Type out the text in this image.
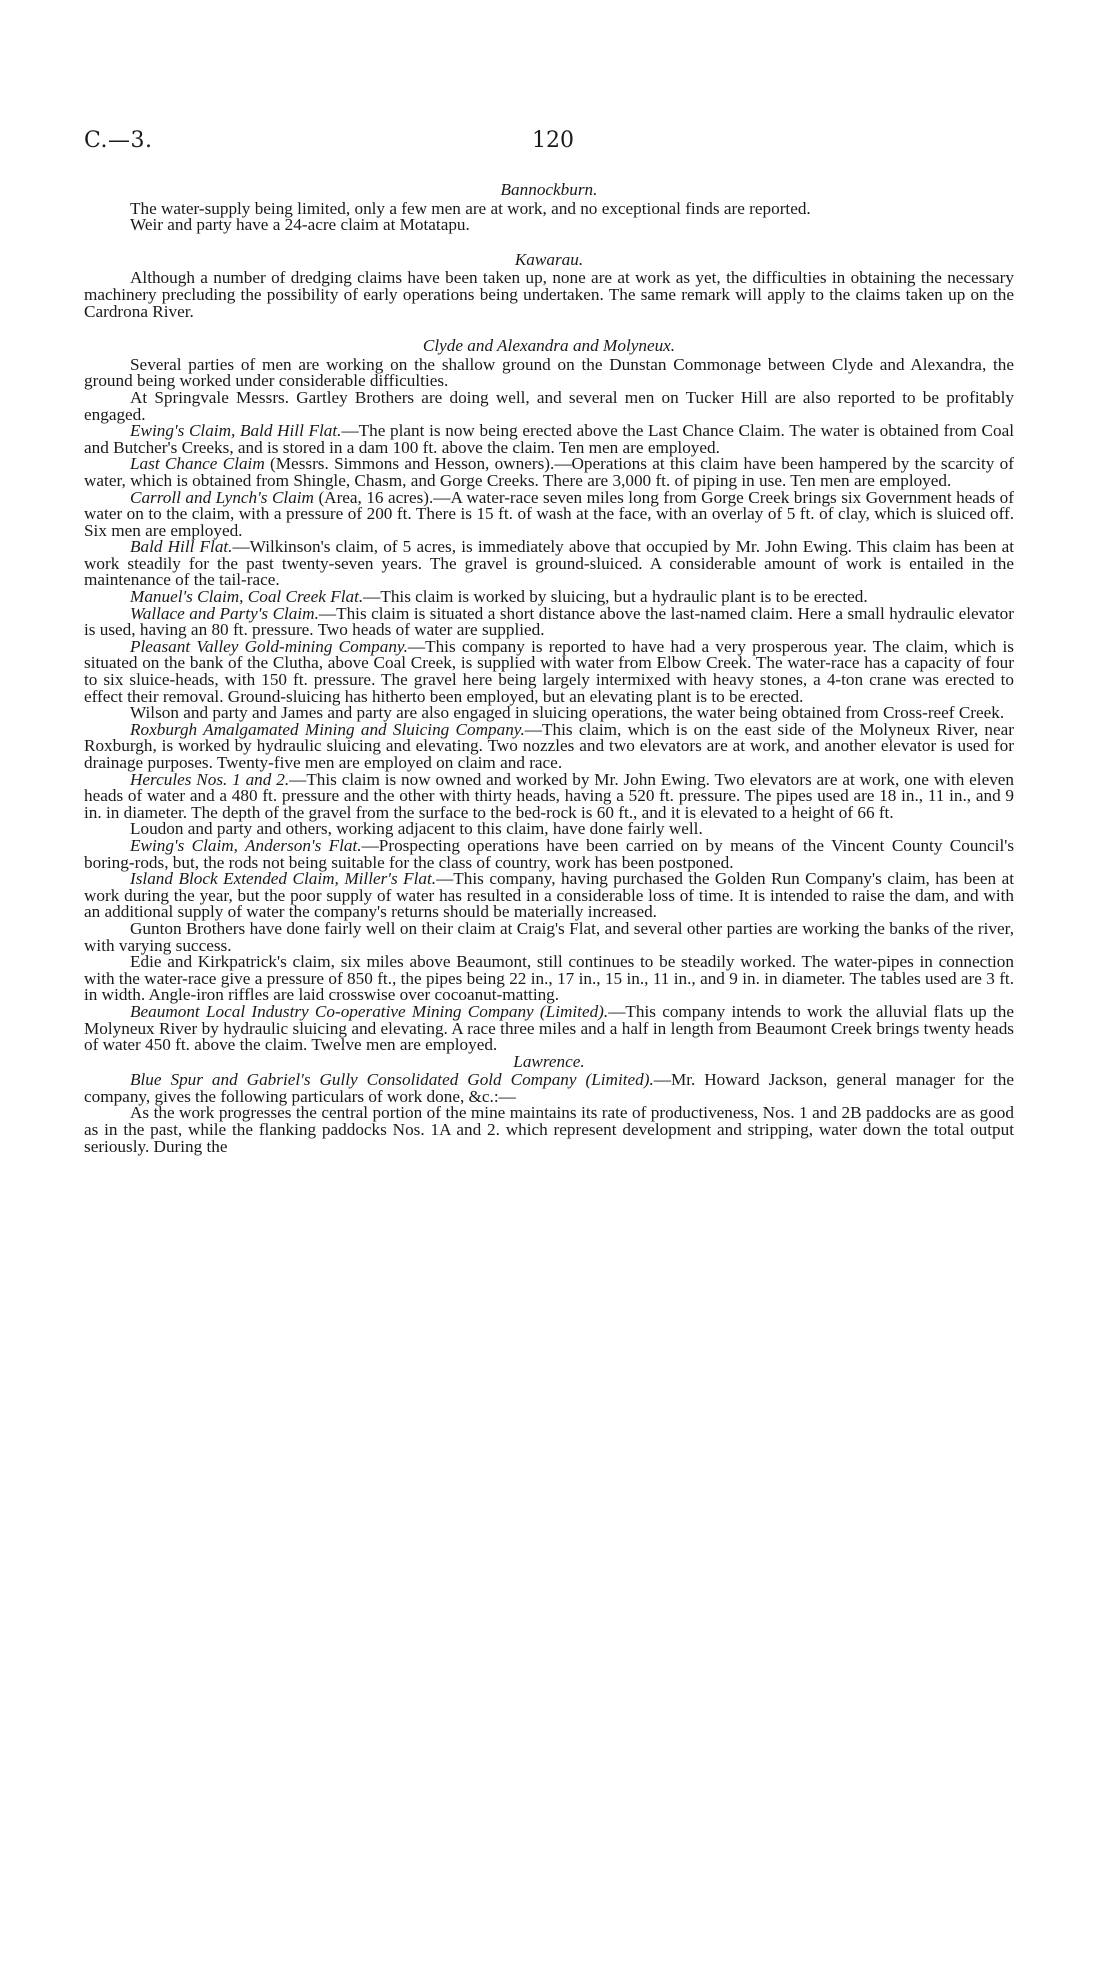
C.—3.	120
Bannockburn.

The water-supply being limited, only a few men are at work, and no exceptional finds are reported.

Weir and party have a 24-acre claim at Motatapu.

Kawarau.

Although a number of dredging claims have been taken up, none are at work as yet, the difficulties in obtaining the necessary machinery precluding the possibility of early operations being undertaken. The same remark will apply to the claims taken up on the Cardrona River.

Clyde and Alexandra and Molyneux.

Several parties of men are working on the shallow ground on the Dunstan Commonage between Clyde and Alexandra, the ground being worked under considerable difficulties.

At Springvale Messrs. Gartley Brothers are doing well, and several men on Tucker Hill are also reported to be profitably engaged.

Ewing's Claim, Bald Hill Flat.—The plant is now being erected above the Last Chance Claim. The water is obtained from Coal and Butcher's Creeks, and is stored in a dam 100 ft. above the claim. Ten men are employed.

Last Chance Claim (Messrs. Simmons and Hesson, owners).—Operations at this claim have been hampered by the scarcity of water, which is obtained from Shingle, Chasm, and Gorge Creeks. There are 3,000 ft. of piping in use. Ten men are employed.

Carroll and Lynch's Claim (Area, 16 acres).—A water-race seven miles long from Gorge Creek brings six Government heads of water on to the claim, with a pressure of 200 ft. There is 15 ft. of wash at the face, with an overlay of 5 ft. of clay, which is sluiced off. Six men are employed.

Bald Hill Flat.—Wilkinson's claim, of 5 acres, is immediately above that occupied by Mr. John Ewing. This claim has been at work steadily for the past twenty-seven years. The gravel is ground-sluiced. A considerable amount of work is entailed in the maintenance of the tail-race.

Manuel's Claim, Coal Creek Flat.—This claim is worked by sluicing, but a hydraulic plant is to be erected.

Wallace and Party's Claim.—This claim is situated a short distance above the last-named claim. Here a small hydraulic elevator is used, having an 80 ft. pressure. Two heads of water are supplied.

Pleasant Valley Gold-mining Company.—This company is reported to have had a very prosperous year. The claim, which is situated on the bank of the Clutha, above Coal Creek, is supplied with water from Elbow Creek. The water-race has a capacity of four to six sluice-heads, with 150 ft. pressure. The gravel here being largely intermixed with heavy stones, a 4-ton crane was erected to effect their removal. Ground-sluicing has hitherto been employed, but an elevating plant is to be erected.

Wilson and party and James and party are also engaged in sluicing operations, the water being obtained from Cross-reef Creek.

Roxburgh Amalgamated Mining and Sluicing Company.—This claim, which is on the east side of the Molyneux River, near Roxburgh, is worked by hydraulic sluicing and elevating. Two nozzles and two elevators are at work, and another elevator is used for drainage purposes. Twenty-five men are employed on claim and race.

Hercules Nos. 1 and 2.—This claim is now owned and worked by Mr. John Ewing. Two elevators are at work, one with eleven heads of water and a 480 ft. pressure and the other with thirty heads, having a 520 ft. pressure. The pipes used are 18 in., 11 in., and 9 in. in diameter. The depth of the gravel from the surface to the bed-rock is 60 ft., and it is elevated to a height of 66 ft.

Loudon and party and others, working adjacent to this claim, have done fairly well.

Ewing's Claim, Anderson's Flat.—Prospecting operations have been carried on by means of the Vincent County Council's boring-rods, but, the rods not being suitable for the class of country, work has been postponed.

Island Block Extended Claim, Miller's Flat.—This company, having purchased the Golden Run Company's claim, has been at work during the year, but the poor supply of water has resulted in a considerable loss of time. It is intended to raise the dam, and with an additional supply of water the company's returns should be materially increased.

Gunton Brothers have done fairly well on their claim at Craig's Flat, and several other parties are working the banks of the river, with varying success.

Edie and Kirkpatrick's claim, six miles above Beaumont, still continues to be steadily worked. The water-pipes in connection with the water-race give a pressure of 850 ft., the pipes being 22 in., 17 in., 15 in., 11 in., and 9 in. in diameter. The tables used are 3 ft. in width. Angle-iron riffles are laid crosswise over cocoanut-matting.

Beaumont Local Industry Co-operative Mining Company (Limited).—This company intends to work the alluvial flats up the Molyneux River by hydraulic sluicing and elevating. A race three miles and a half in length from Beaumont Creek brings twenty heads of water 450 ft. above the claim. Twelve men are employed.

Lawrence.

Blue Spur and Gabriel's Gully Consolidated Gold Company (Limited).—Mr. Howard Jackson, general manager for the company, gives the following particulars of work done, &c.:—

As the work progresses the central portion of the mine maintains its rate of productiveness, Nos. 1 and 2B paddocks are as good as in the past, while the flanking paddocks Nos. 1A and 2. which represent development and stripping, water down the total output seriously. During the
